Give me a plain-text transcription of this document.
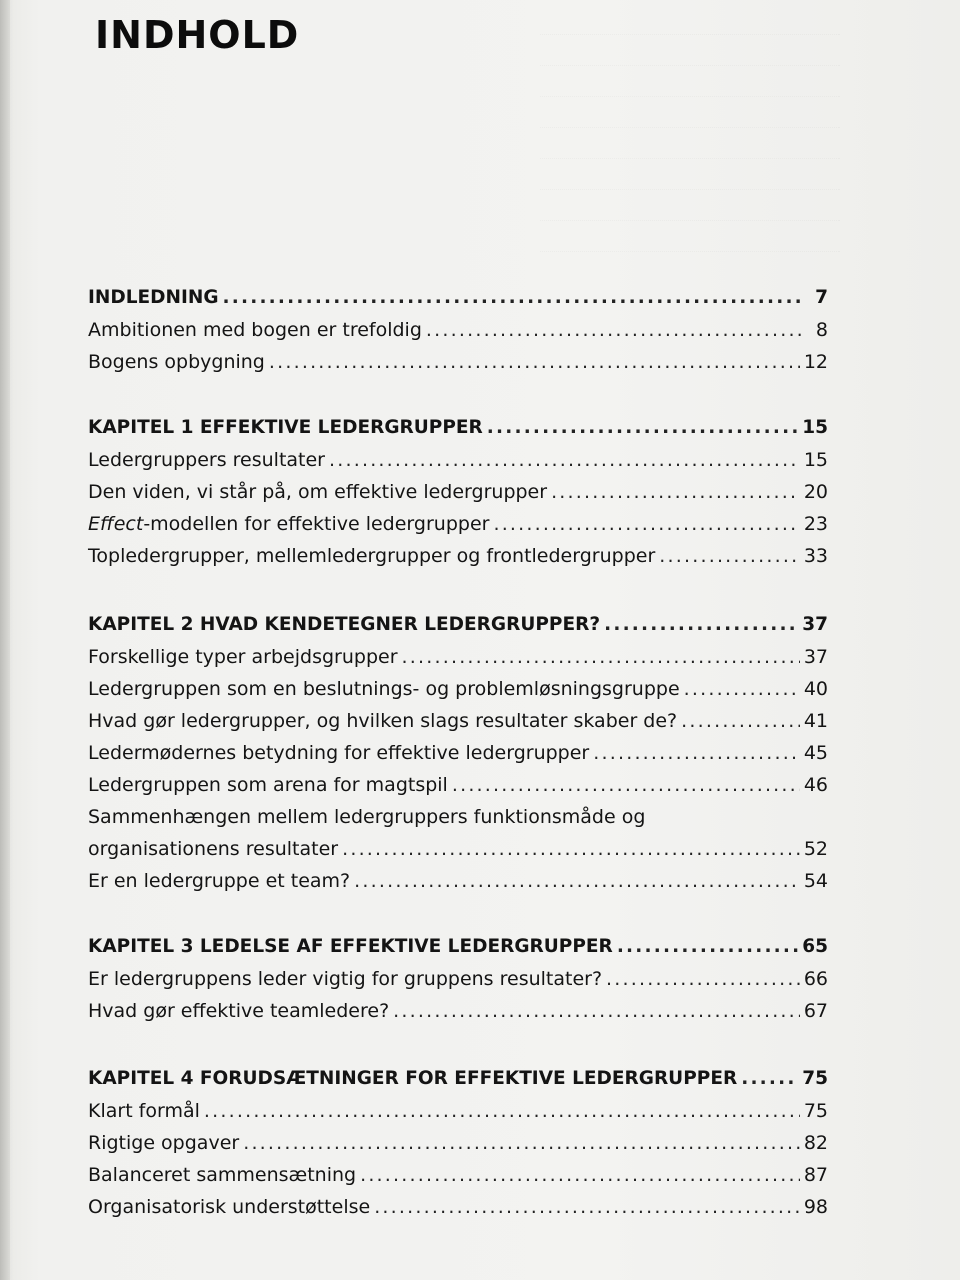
INDHOLD
INDLEDNING .....	7
Ambitionen med bogen er trefoldig .....	8
Bogens opbygning .....	12
KAPITEL 1 EFFEKTIVE LEDERGRUPPER .....	15
Ledergruppers resultater .....	15
Den viden, vi står på, om effektive ledergrupper .....	20
Effect-modellen for effektive ledergrupper .....	23
Topledergrupper, mellemledergrupper og frontledergrupper .....	33
KAPITEL 2 HVAD KENDETEGNER LEDERGRUPPER? .....	37
Forskellige typer arbejdsgrupper .....	37
Ledergruppen som en beslutnings- og problemløsningsgruppe .....	40
Hvad gør ledergrupper, og hvilken slags resultater skaber de? .....	41
Ledermødernes betydning for effektive ledergrupper .....	45
Ledergruppen som arena for magtspil .....	46
Sammenhængen mellem ledergruppers funktionsmåde og
organisationens resultater .....	52
Er en ledergruppe et team? .....	54
KAPITEL 3 LEDELSE AF EFFEKTIVE LEDERGRUPPER .....	65
Er ledergruppens leder vigtig for gruppens resultater? .....	66
Hvad gør effektive teamledere? .....	67
KAPITEL 4 FORUDSÆTNINGER FOR EFFEKTIVE LEDERGRUPPER .....	75
Klart formål .....	75
Rigtige opgaver .....	82
Balanceret sammensætning .....	87
Organisatorisk understøttelse .....	98
